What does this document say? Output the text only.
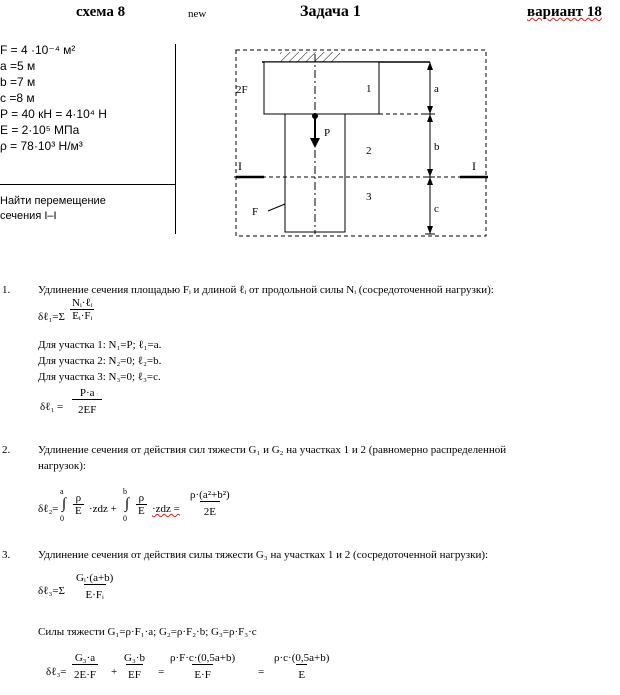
схема 8	new	Задача 1	вариант 18
F = 4 ·10⁻⁴ м²
a =5 м
b =7 м
c =8 м
P = 40 кН = 4·10⁴ Н
E = 2·10⁵ МПа
ρ = 78·10³ Н/м³
Найти перемещение
сечения I–I
2F
F
P
1
2
3
a
b
c
I	I
1.	Удлинение сечения площадью Fᵢ и длиной ℓᵢ от продольной силы Nᵢ (сосредоточенной нагрузки):
δℓ₁=Σ
Nᵢ·ℓᵢ
Eᵢ·Fᵢ
Для участка 1: N₁=P; ℓ₁=a.
Для участка 2: N₂=0; ℓ₂=b.
Для участка 3: N₃=0; ℓ₃=c.
δℓ₁ = $\frac{P\cdot a}{2EF}$
2.	Удлинение сечения от действия сил тяжести G₁ и G₂ на участках 1 и 2 (равномерно распределенной
нагрузок):
δℓ₂=
a
∫
0
$\frac{\rho}{E} \cdot zdz$ +
b
∫
0
$\frac{\rho}{E} \cdot zdz = \frac{\text{ρ·(a²+b²)}}{2E}$
3.	Удлинение сечения от действия силы тяжести G₃ на участках 1 и 2 (сосредоточенной нагрузки):
δℓ₃=Σ $\frac{\text{Gᵢ·(a+b)}}{\text{E·Fᵢ}}$
Силы тяжести G₁=ρ·F₁·a; G₂=ρ·F₂·b; G₃=ρ·F₃·c
δℓ₃= $\frac{\text{G₃·a}}{2E\cdot F} + \frac{\text{G₃·b}}{EF} = \frac{\rho\cdot F\cdot c\cdot(0,5a+b)}{E\cdot F} = \frac{\rho\cdot c\cdot(0,5a+b)}{E}$
